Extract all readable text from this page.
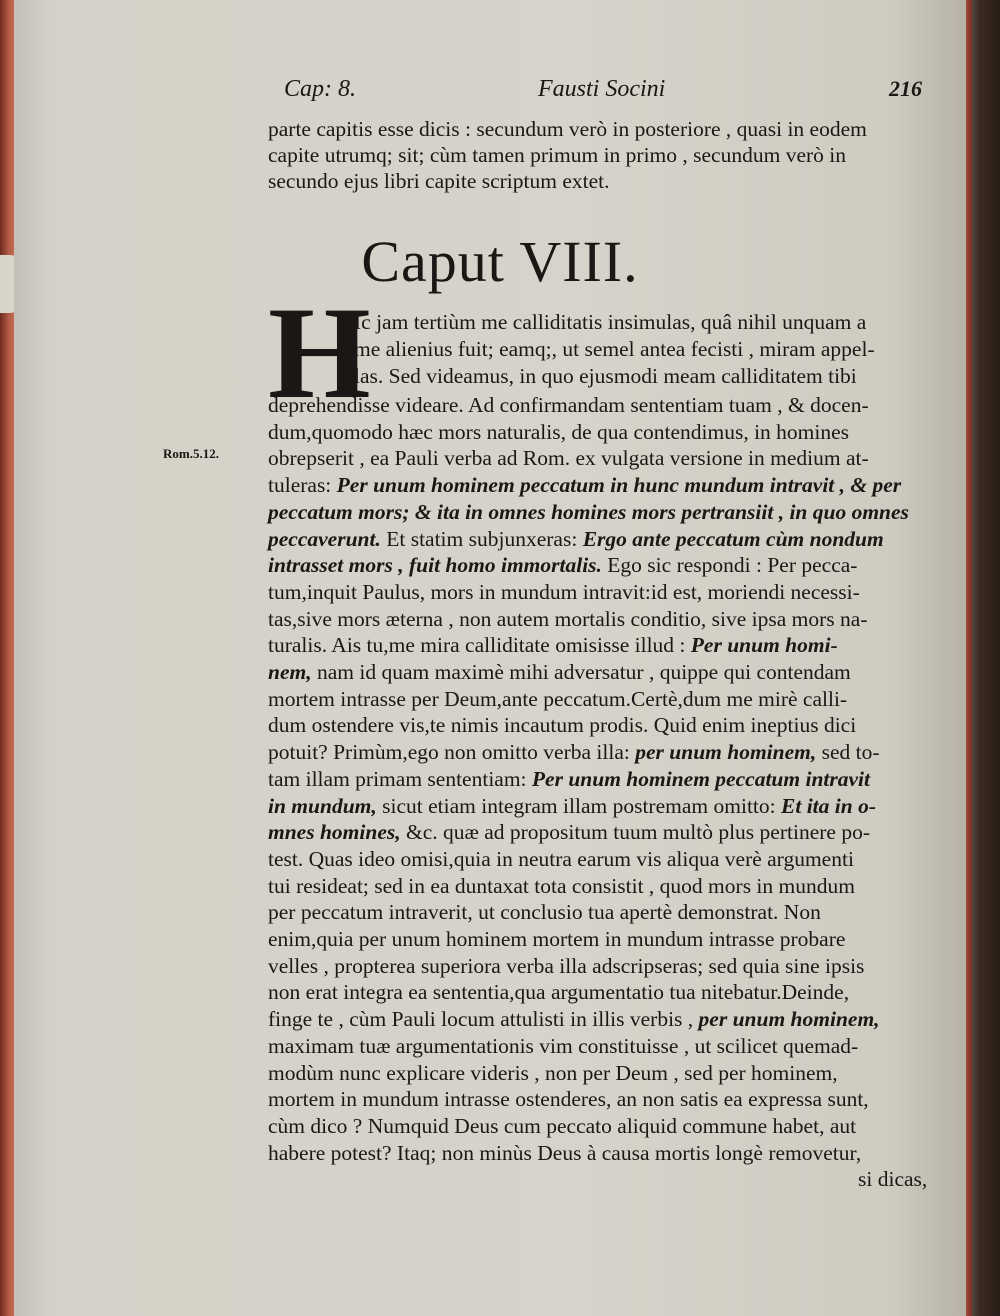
Cap: 8.	Fausti Socini	216
parte capitis esse dicis : secundum verò in posteriore , quasi in eodem
capite utrumq; sit; cùm tamen primum in primo , secundum verò in
secundo ejus libri capite scriptum extet.
Caput VIII.
H
Ic jam tertiùm me calliditatis insimulas, quâ nihil unquam a
me alienius fuit; eamq;, ut semel antea fecisti , miram appel-
las. Sed videamus, in quo ejusmodi meam calliditatem tibi
Rom.5.12.
deprehendisse videare. Ad confirmandam sententiam tuam , & docen-
dum,quomodo hæc mors naturalis, de qua contendimus, in homines
obrepserit , ea Pauli verba ad Rom. ex vulgata versione in medium at-
tuleras: Per unum hominem peccatum in hunc mundum intravit , & per
peccatum mors; & ita in omnes homines mors pertransiit , in quo omnes
peccaverunt. Et statim subjunxeras: Ergo ante peccatum cùm nondum
intrasset mors , fuit homo immortalis. Ego sic respondi : Per pecca-
tum,inquit Paulus, mors in mundum intravit:id est, moriendi necessi-
tas,sive mors æterna , non autem mortalis conditio, sive ipsa mors na-
turalis. Ais tu,me mira calliditate omisisse illud : Per unum homi-
nem, nam id quam maximè mihi adversatur , quippe qui contendam
mortem intrasse per Deum,ante peccatum.Certè,dum me mirè calli-
dum ostendere vis,te nimis incautum prodis. Quid enim ineptius dici
potuit? Primùm,ego non omitto verba illa: per unum hominem, sed to-
tam illam primam sententiam: Per unum hominem peccatum intravit
in mundum, sicut etiam integram illam postremam omitto: Et ita in o-
mnes homines, &c. quæ ad propositum tuum multò plus pertinere po-
test. Quas ideo omisi,quia in neutra earum vis aliqua verè argumenti
tui resideat; sed in ea duntaxat tota consistit , quod mors in mundum
per peccatum intraverit, ut conclusio tua apertè demonstrat. Non
enim,quia per unum hominem mortem in mundum intrasse probare
velles , propterea superiora verba illa adscripseras; sed quia sine ipsis
non erat integra ea sententia,qua argumentatio tua nitebatur.Deinde,
finge te , cùm Pauli locum attulisti in illis verbis , per unum hominem,
maximam tuæ argumentationis vim constituisse , ut scilicet quemad-
modùm nunc explicare videris , non per Deum , sed per hominem,
mortem in mundum intrasse ostenderes, an non satis ea expressa sunt,
cùm dico ? Numquid Deus cum peccato aliquid commune habet, aut
habere potest? Itaq; non minùs Deus à causa mortis longè removetur,
si dicas,
